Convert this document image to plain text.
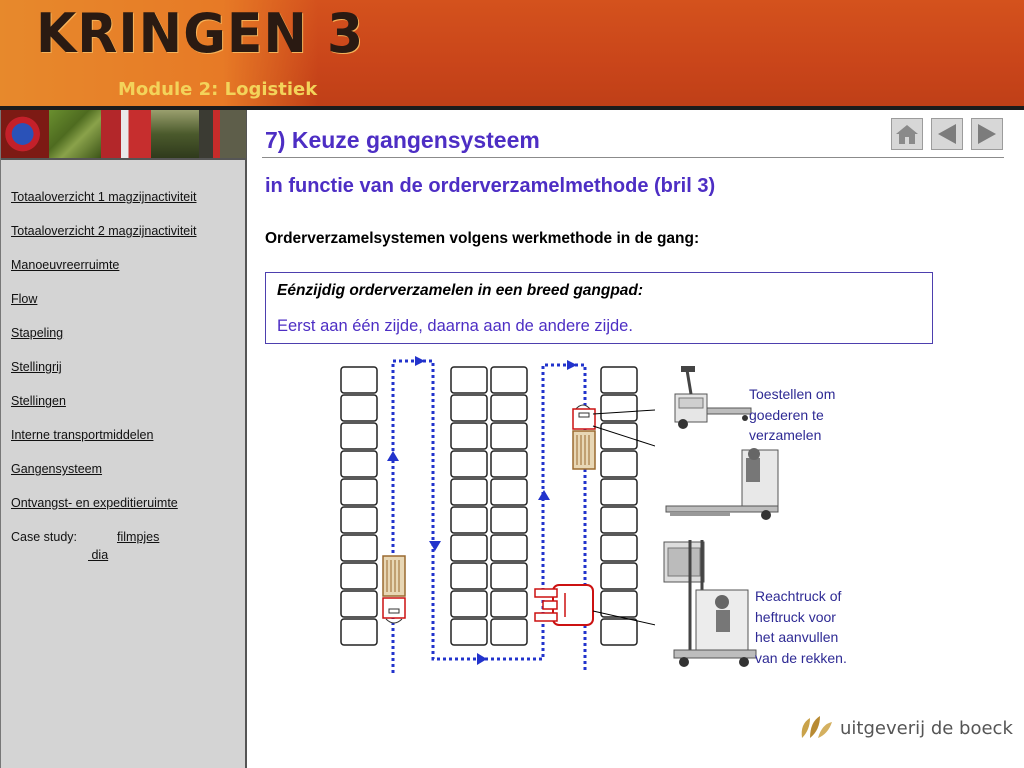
KRINGEN 3
Module 2: Logistiek
Totaaloverzicht 1 magzijnactiviteit
Totaaloverzicht 2 magzijnactiviteit
Manoeuvreerruimte
Flow
Stapeling
Stellingrij
Stellingen
Interne transportmiddelen
Gangensysteem
Ontvangst- en expeditieruimte
Case study:	filmpjes
dia
7) Keuze gangensysteem
in functie van de orderverzamelmethode (bril 3)
Orderverzamelsystemen volgens werkmethode in de gang:
Eénzijdig orderverzamelen in een breed gangpad:
Eerst aan één zijde, daarna aan de andere zijde.
Toestellen om goederen te verzamelen
Reachtruck of heftruck voor het aanvullen van de rekken.
uitgeverij de boeck
